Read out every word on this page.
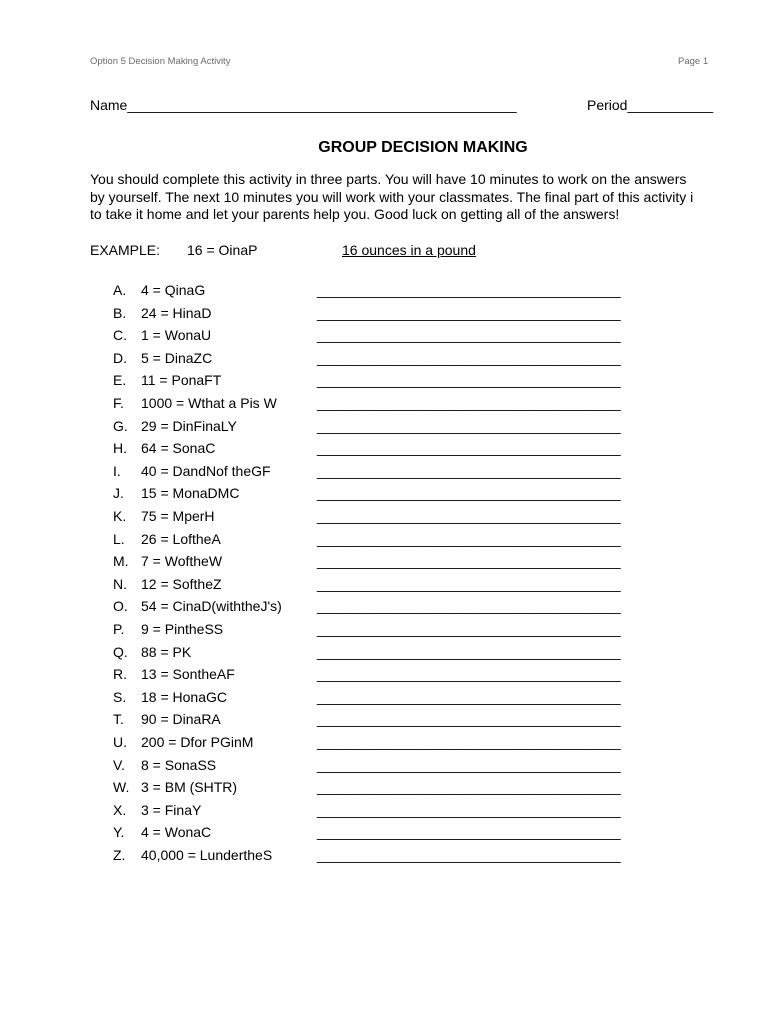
Option 5 Decision Making Activity	Page 1
Name__________________________________________________	Period___________
GROUP DECISION MAKING
You should complete this activity in three parts. You will have 10 minutes to work on the answers
by yourself. The next 10 minutes you will work with your classmates. The final part of this activity i
to take it home and let your parents help you. Good luck on getting all of the answers!
EXAMPLE: 16 = OinaP	16 ounces in a pound
A. 4 = QinaG	_______________________________________
B. 24 = HinaD	_______________________________________
C. 1 = WonaU	_______________________________________
D. 5 = DinaZC	_______________________________________
E. 11 = PonaFT	_______________________________________
F. 1000 = Wthat a Pis W	_______________________________________
G. 29 = DinFinaLY	_______________________________________
H. 64 = SonaC	_______________________________________
I. 40 = DandNof theGF	_______________________________________
J. 15 = MonaDMC	_______________________________________
K. 75 = MperH	_______________________________________
L. 26 = LoftheA	_______________________________________
M. 7 = WoftheW	_______________________________________
N. 12 = SoftheZ	_______________________________________
O. 54 = CinaD(withtheJ's)	_______________________________________
P. 9 = PintheSS	_______________________________________
Q. 88 = PK	_______________________________________
R. 13 = SontheAF	_______________________________________
S. 18 = HonaGC	_______________________________________
T. 90 = DinaRA	_______________________________________
U. 200 = Dfor PGinM	_______________________________________
V. 8 = SonaSS	_______________________________________
W. 3 = BM (SHTR)	_______________________________________
X. 3 = FinaY	_______________________________________
Y. 4 = WonaC	_______________________________________
Z. 40,000 = LundertheS	_______________________________________
